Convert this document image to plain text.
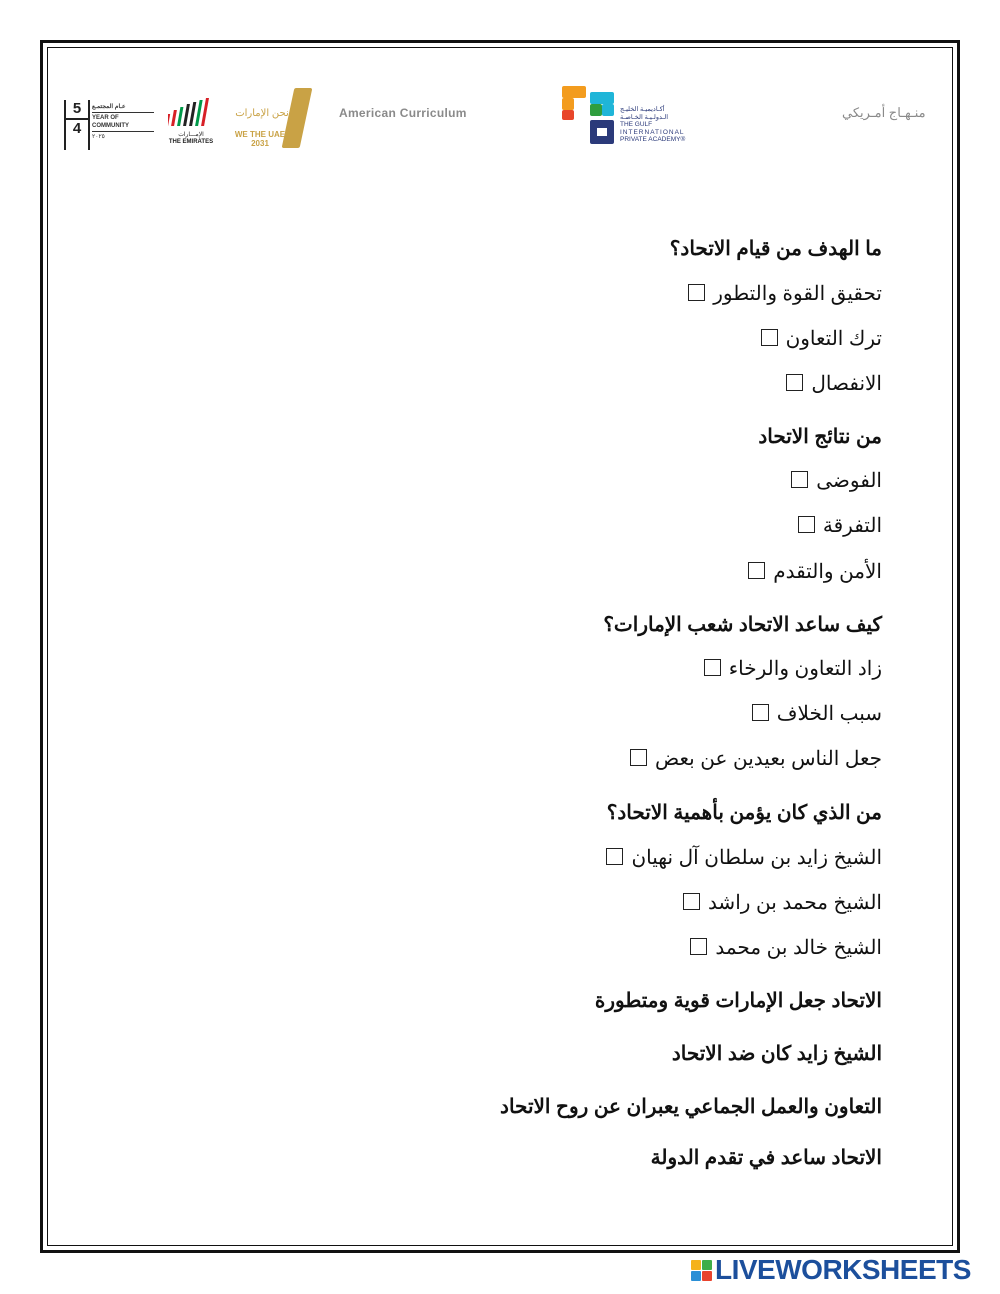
5
4
عـام المجتمـع
YEAR OF COMMUNITY
٢٠٢٥	الإمـــارات
THE EMIRATES
نحن الإمارات
WE THE UAE
2031
American Curriculum	أكـاديميـة الخليـج
الـدولـيـة الخـاصـة
THE GULF
INTERNATIONAL
PRIVATE ACADEMY®
منـهـاج أمـريكي
ما الهدف من قيام الاتحاد؟
تحقيق القوة والتطور
ترك التعاون
الانفصال
من نتائج الاتحاد
الفوضى
التفرقة
الأمن والتقدم
كيف ساعد الاتحاد شعب الإمارات؟
زاد التعاون والرخاء
سبب الخلاف
جعل الناس بعيدين عن بعض
من الذي كان يؤمن بأهمية الاتحاد؟
الشيخ زايد بن سلطان آل نهيان
الشيخ محمد بن راشد
الشيخ خالد بن محمد
الاتحاد جعل الإمارات قوية ومتطورة
الشيخ زايد كان ضد الاتحاد
التعاون والعمل الجماعي يعبران عن روح الاتحاد
الاتحاد ساعد في تقدم الدولة
LIVEWORKSHEETS
